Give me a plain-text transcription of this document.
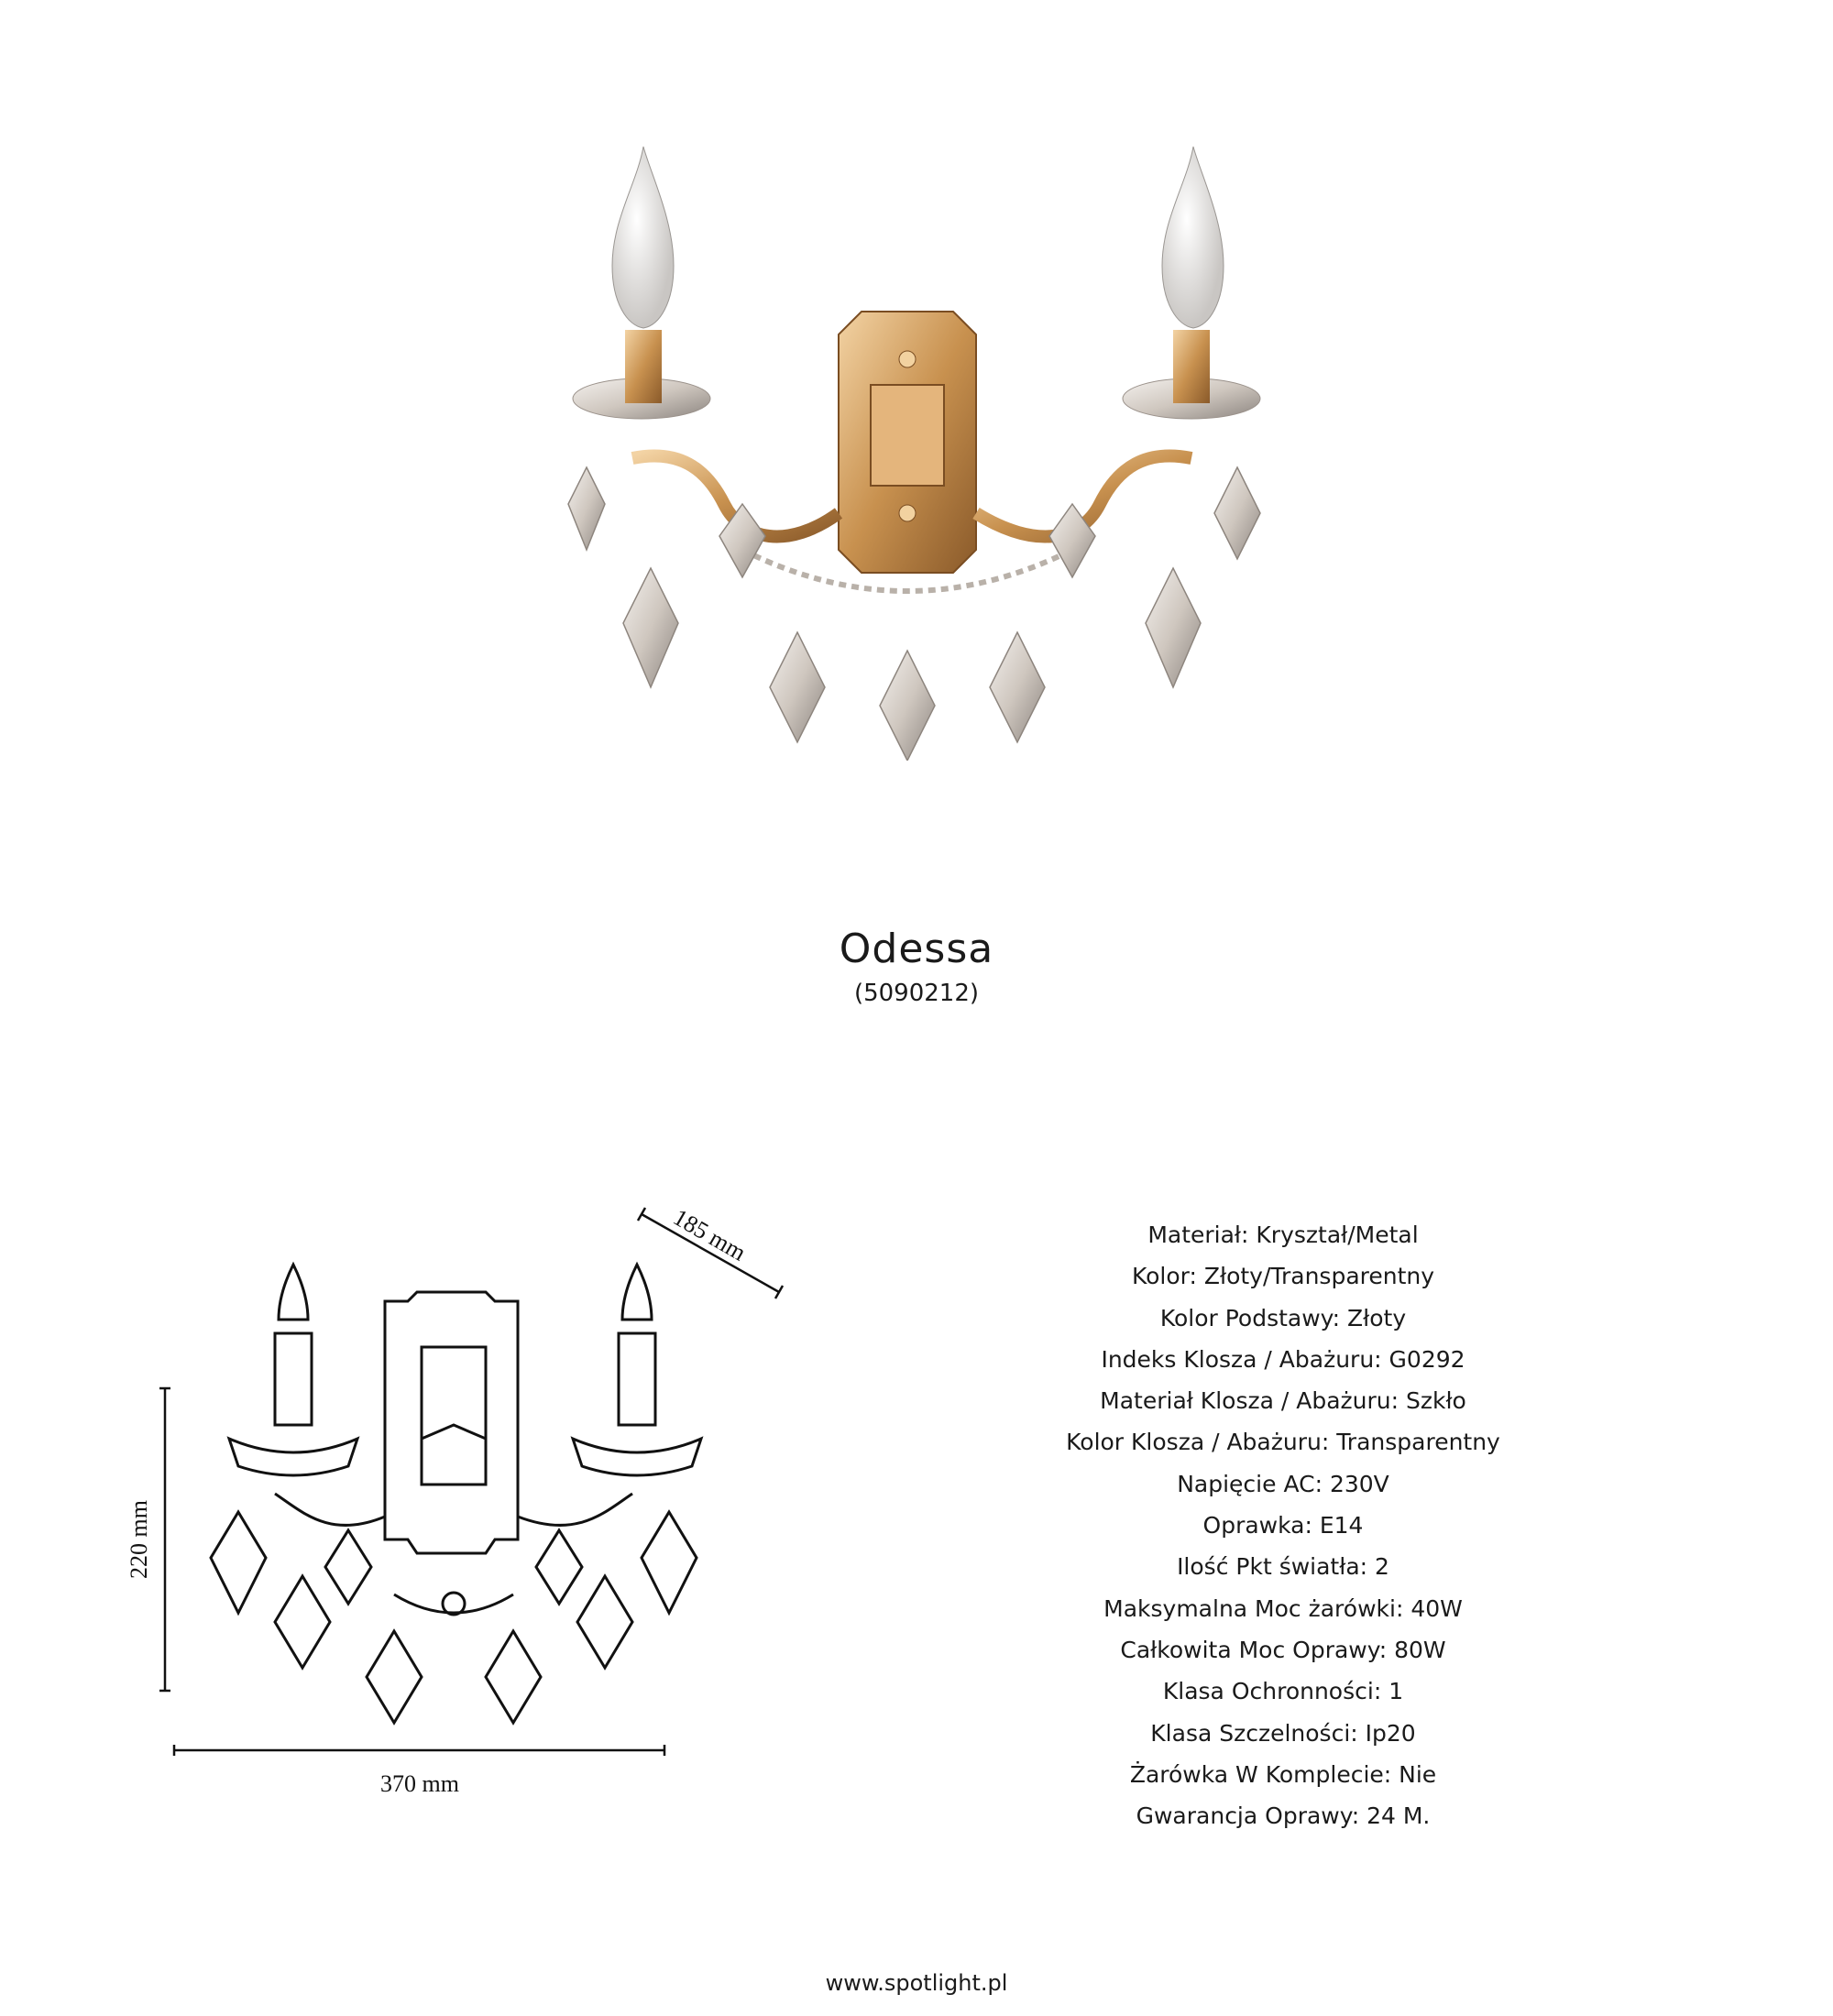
Odessa
(5090212)
185 mm
220 mm
370 mm
Materiał: Kryształ/Metal
Kolor: Złoty/Transparentny
Kolor Podstawy: Złoty
Indeks Klosza / Abażuru: G0292
Materiał Klosza / Abażuru: Szkło
Kolor Klosza / Abażuru: Transparentny
Napięcie AC: 230V
Oprawka: E14
Ilość Pkt światła: 2
Maksymalna Moc żarówki: 40W
Całkowita Moc Oprawy: 80W
Klasa Ochronności: 1
Klasa Szczelności: Ip20
Żarówka W Komplecie: Nie
Gwarancja Oprawy: 24 M.
www.spotlight.pl
